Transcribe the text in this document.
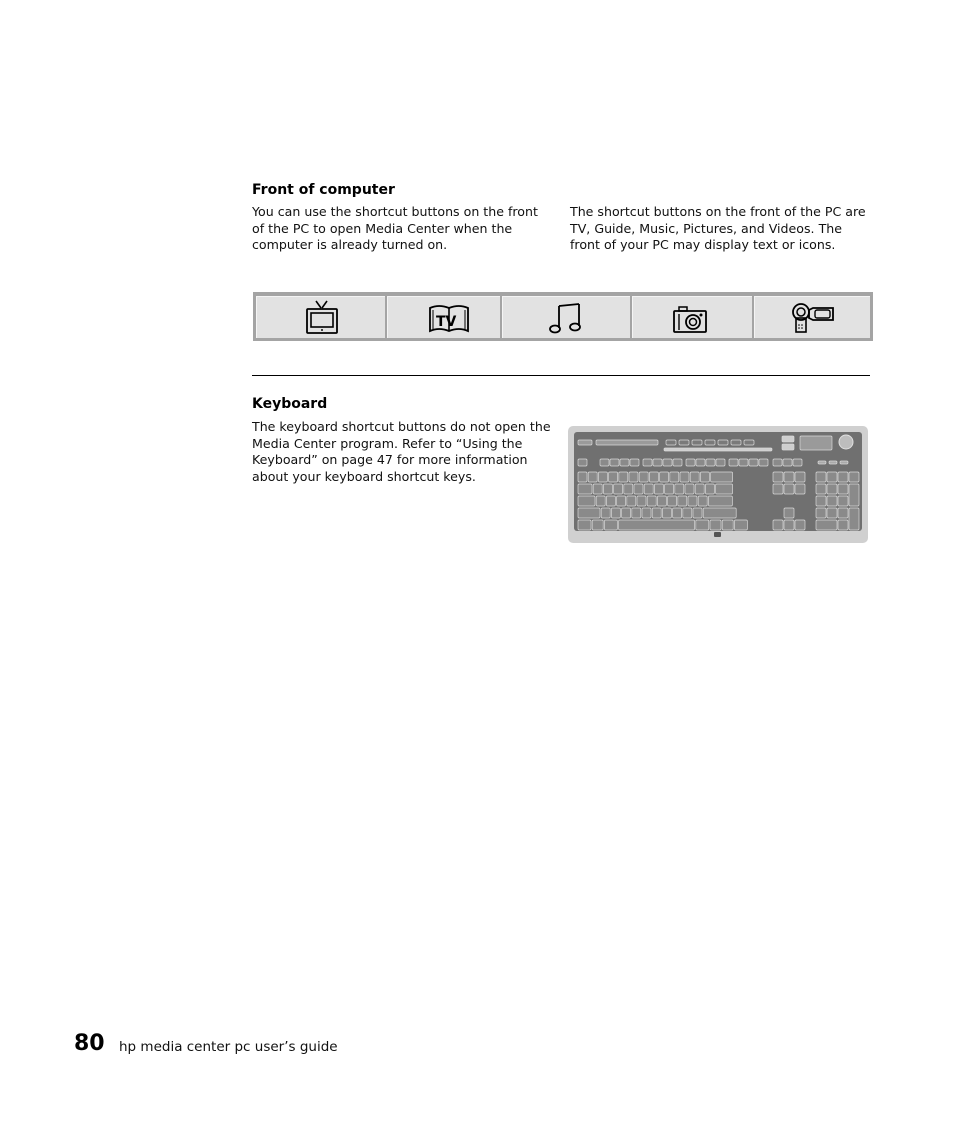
Front of computer
You can use the shortcut buttons on the front of the PC to open Media Center when the computer is already turned on.
The shortcut buttons on the front of the PC are TV, Guide, Music, Pictures, and Videos. The front of your PC may display text or icons.
TV
Keyboard
The keyboard shortcut buttons do not open the Media Center program. Refer to “Using the Keyboard” on page 47 for more information about your keyboard shortcut keys.
80 hp media center pc user’s guide
